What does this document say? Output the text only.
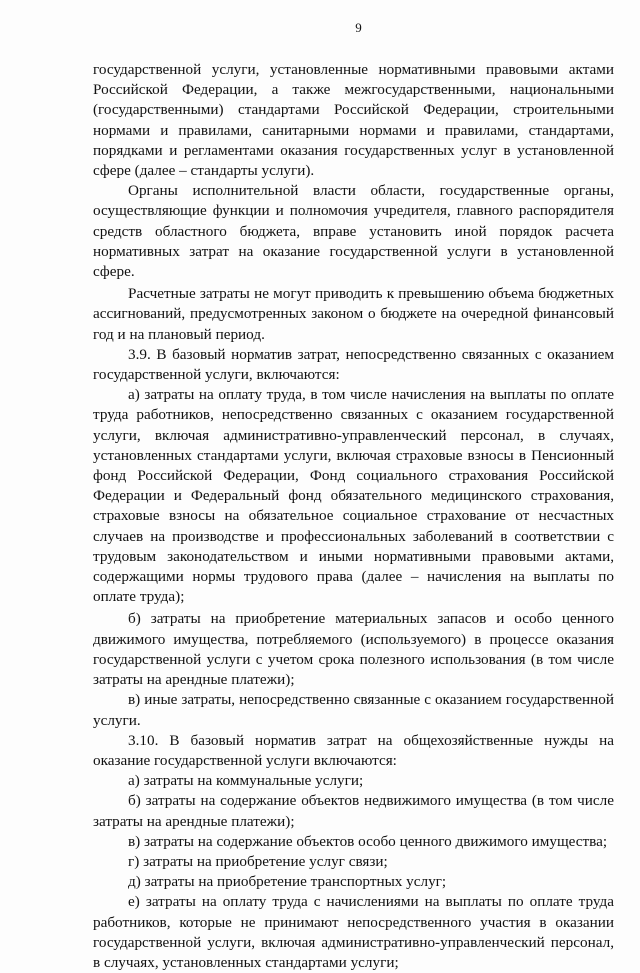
9

государственной услуги, установленные нормативными правовыми актами Российской Федерации, а также межгосударственными, национальными (государственными) стандартами Российской Федерации, строительными нормами и правилами, санитарными нормами и правилами, стандартами, порядками и регламентами оказания государственных услуг в установленной сфере (далее – стандарты услуги).

Органы исполнительной власти области, государственные органы, осуществляющие функции и полномочия учредителя, главного распорядителя средств областного бюджета, вправе установить иной порядок расчета нормативных затрат на оказание государственной услуги в установленной сфере.

Расчетные затраты не могут приводить к превышению объема бюджетных ассигнований, предусмотренных законом о бюджете на очередной финансовый год и на плановый период.

3.9. В базовый норматив затрат, непосредственно связанных с оказанием государственной услуги, включаются:

а) затраты на оплату труда, в том числе начисления на выплаты по оплате труда работников, непосредственно связанных с оказанием государственной услуги, включая административно-управленческий персонал, в случаях, установленных стандартами услуги, включая страховые взносы в Пенсионный фонд Российской Федерации, Фонд социального страхования Российской Федерации и Федеральный фонд обязательного медицинского страхования, страховые взносы на обязательное социальное страхование от несчастных случаев на производстве и профессиональных заболеваний в соответствии с трудовым законодательством и иными нормативными правовыми актами, содержащими нормы трудового права (далее – начисления на выплаты по оплате труда);

б) затраты на приобретение материальных запасов и особо ценного движимого имущества, потребляемого (используемого) в процессе оказания государственной услуги с учетом срока полезного использования (в том числе затраты на арендные платежи);

в) иные затраты, непосредственно связанные с оказанием государственной услуги.

3.10. В базовый норматив затрат на общехозяйственные нужды на оказание государственной услуги включаются:

а) затраты на коммунальные услуги;

б) затраты на содержание объектов недвижимого имущества (в том числе затраты на арендные платежи);

в) затраты на содержание объектов особо ценного движимого имущества;

г) затраты на приобретение услуг связи;

д) затраты на приобретение транспортных услуг;

е) затраты на оплату труда с начислениями на выплаты по оплате труда работников, которые не принимают непосредственного участия в оказании государственной услуги, включая административно-управленческий персонал, в случаях, установленных стандартами услуги;
